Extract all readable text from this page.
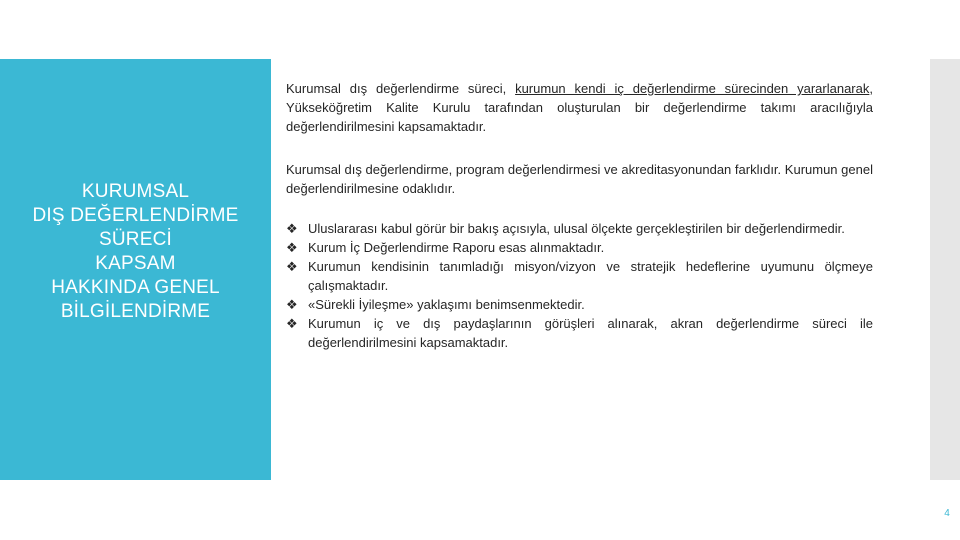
KURUMSAL
DIŞ DEĞERLENDİRME
SÜRECİ
KAPSAM
HAKKINDA GENEL
BİLGİLENDİRME

Kurumsal dış değerlendirme süreci, kurumun kendi iç değerlendirme sürecinden yararlanarak, Yükseköğretim Kalite Kurulu tarafından oluşturulan bir değerlendirme takımı aracılığıyla değerlendirilmesini kapsamaktadır.

Kurumsal dış değerlendirme, program değerlendirmesi ve akreditasyonundan farklıdır. Kurumun genel değerlendirilmesine odaklıdır.

❖ Uluslararası kabul görür bir bakış açısıyla, ulusal ölçekte gerçekleştirilen bir değerlendirmedir.
❖ Kurum İç Değerlendirme Raporu esas alınmaktadır.
❖ Kurumun kendisinin tanımladığı misyon/vizyon ve stratejik hedeflerine uyumunu ölçmeye çalışmaktadır.
❖ «Sürekli İyileşme» yaklaşımı benimsenmektedir.
❖ Kurumun iç ve dış paydaşlarının görüşleri alınarak, akran değerlendirme süreci ile değerlendirilmesini kapsamaktadır.
4
